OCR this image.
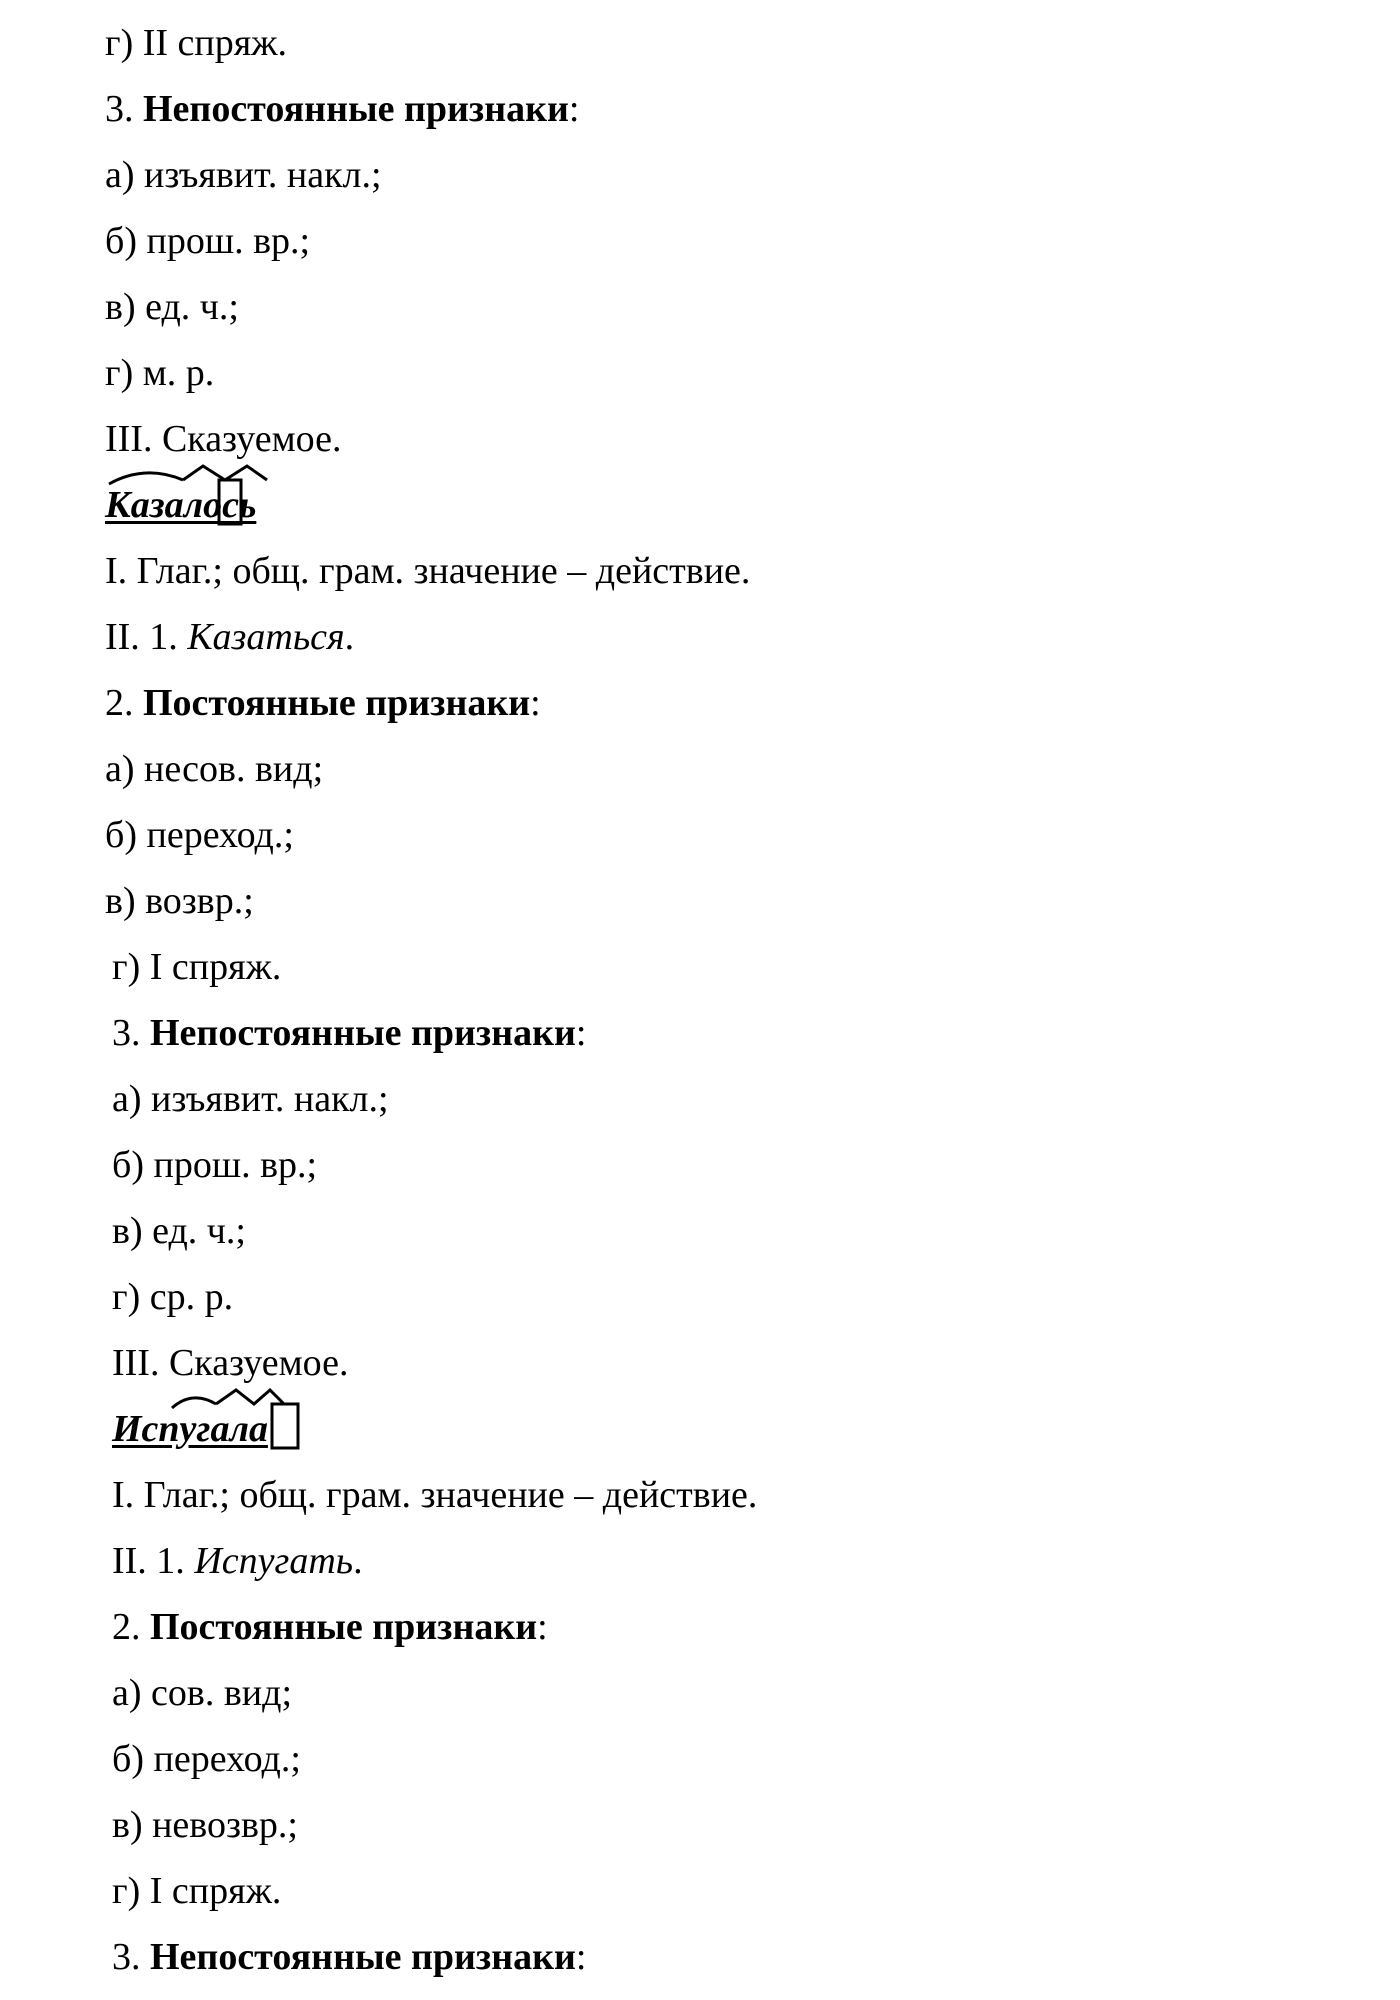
г) II спряж.
3. Непостоянные признаки:
а) изъявит. накл.;
б) прош. вр.;
в) ед. ч.;
г) м. р.
III. Сказуемое.
Казалось
I. Глаг.; общ. грам. значение – действие.
II. 1. Казаться.
2. Постоянные признаки:
а) несов. вид;
б) переход.;
в) возвр.;
г) I спряж.
3. Непостоянные признаки:
а) изъявит. накл.;
б) прош. вр.;
в) ед. ч.;
г) ср. р.
III. Сказуемое.
Испугала
I. Глаг.; общ. грам. значение – действие.
II. 1. Испугать.
2. Постоянные признаки:
а) сов. вид;
б) переход.;
в) невозвр.;
г) I спряж.
3. Непостоянные признаки:
